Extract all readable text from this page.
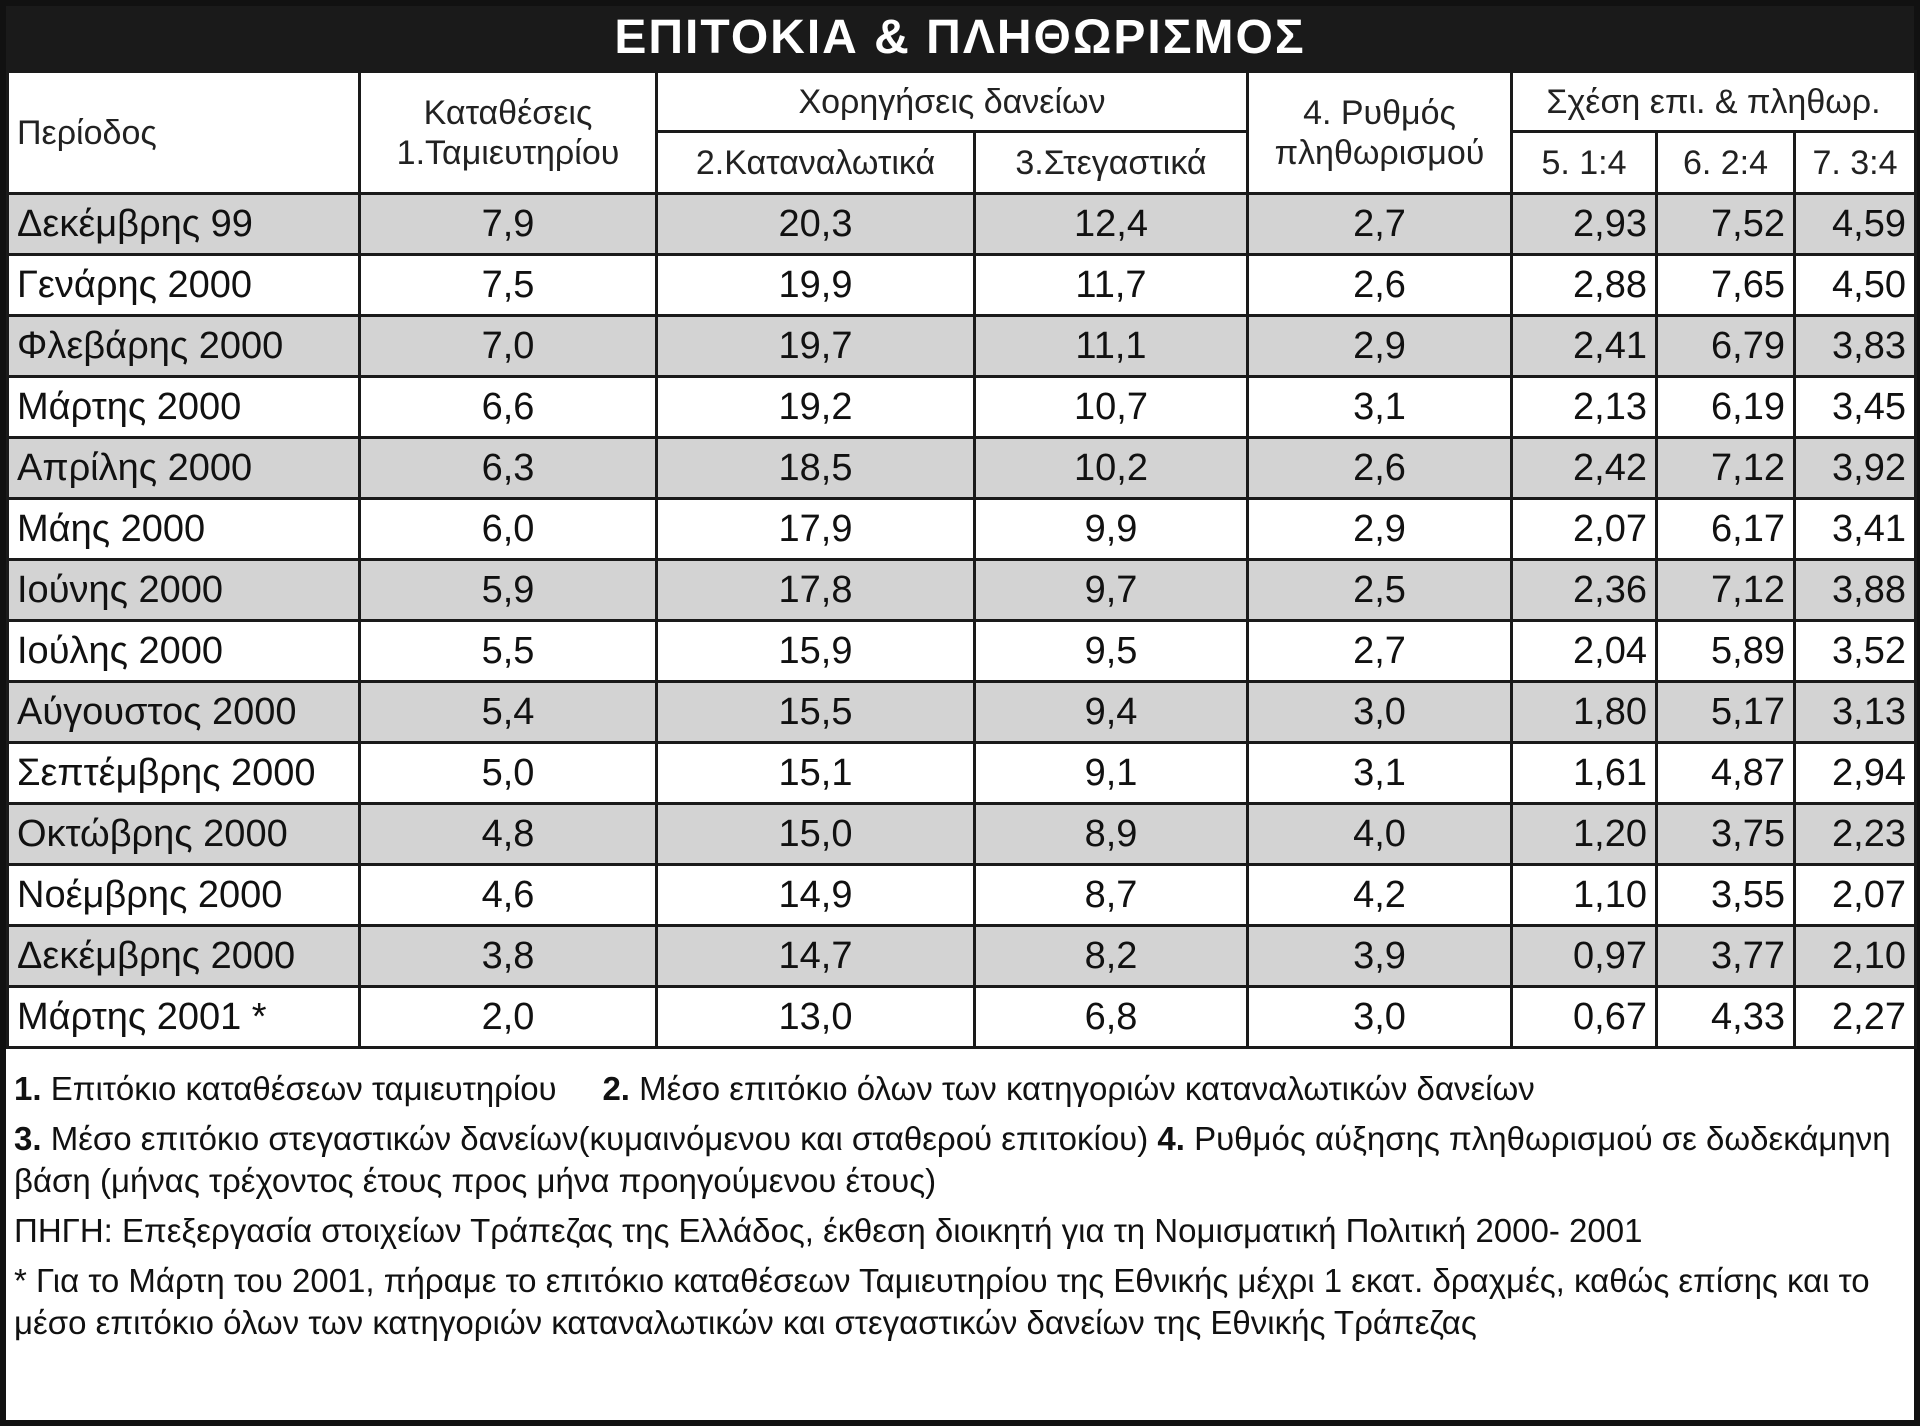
ΕΠΙΤΟΚΙΑ & ΠΛΗΘΩΡΙΣΜΟΣ
Περίοδος	Καταθέσεις 1.Ταμιευτηρίου	Χορηγήσεις δανείων		4. Ρυθμός πληθωρισμού	Σχέση επι. & πληθωρ.		
		2.Καταναλωτικά	3.Στεγαστικά		5. 1:4	6. 2:4	7. 3:4
Δεκέμβρης 99	7,9	20,3	12,4	2,7	2,93	7,52	4,59
Γενάρης 2000	7,5	19,9	11,7	2,6	2,88	7,65	4,50
Φλεβάρης 2000	7,0	19,7	11,1	2,9	2,41	6,79	3,83
Μάρτης 2000	6,6	19,2	10,7	3,1	2,13	6,19	3,45
Απρίλης 2000	6,3	18,5	10,2	2,6	2,42	7,12	3,92
Μάης 2000	6,0	17,9	9,9	2,9	2,07	6,17	3,41
Ιούνης 2000	5,9	17,8	9,7	2,5	2,36	7,12	3,88
Ιούλης 2000	5,5	15,9	9,5	2,7	2,04	5,89	3,52
Αύγουστος 2000	5,4	15,5	9,4	3,0	1,80	5,17	3,13
Σεπτέμβρης 2000	5,0	15,1	9,1	3,1	1,61	4,87	2,94
Οκτώβρης 2000	4,8	15,0	8,9	4,0	1,20	3,75	2,23
Νοέμβρης 2000	4,6	14,9	8,7	4,2	1,10	3,55	2,07
Δεκέμβρης 2000	3,8	14,7	8,2	3,9	0,97	3,77	2,10
Μάρτης 2001 *	2,0	13,0	6,8	3,0	0,67	4,33	2,27

1. Επιτόκιο καταθέσεων ταμιευτηρίου 2. Μέσο επιτόκιο όλων των κατηγοριών καταναλωτικών δανείων

3. Μέσο επιτόκιο στεγαστικών δανείων(κυμαινόμενου και σταθερού επιτοκίου) 4. Ρυθμός αύξησης πληθωρισμού σε δωδεκάμηνη βάση (μήνας τρέχοντος έτους προς μήνα προηγούμενου έτους)

ΠΗΓΗ: Επεξεργασία στοιχείων Τράπεζας της Ελλάδος, έκθεση διοικητή για τη Νομισματική Πολιτική 2000- 2001

* Για το Μάρτη του 2001, πήραμε το επιτόκιο καταθέσεων Ταμιευτηρίου της Εθνικής μέχρι 1 εκατ. δραχμές, καθώς επίσης και το μέσο επιτόκιο όλων των κατηγοριών καταναλωτικών και στεγαστικών δανείων της Εθνικής Τράπεζας
